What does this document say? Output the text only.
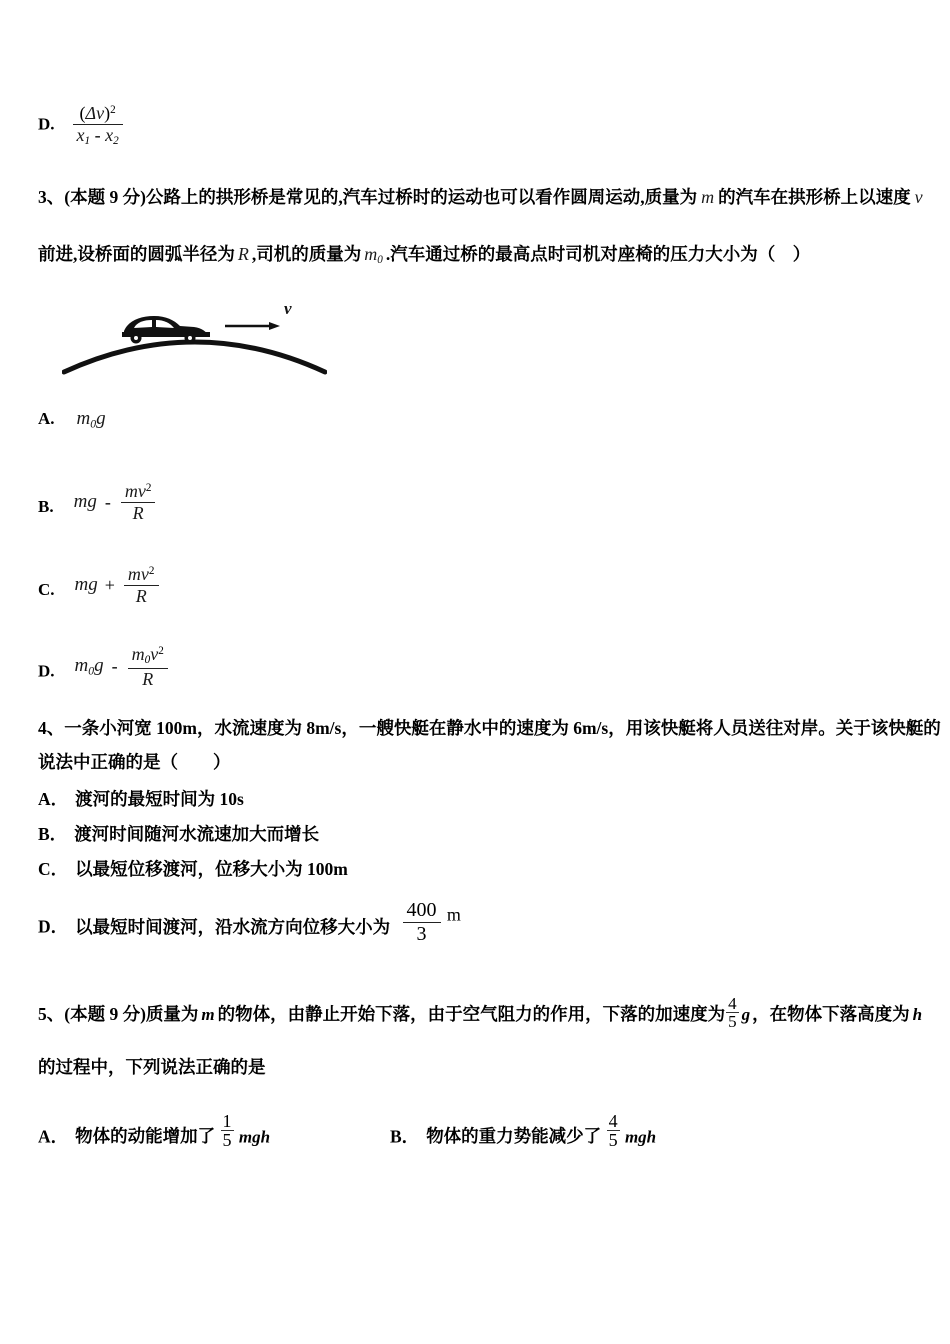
D. $\frac{(\Delta v)^2}{x_1 - x_2}$
3、(本题 9 分)公路上的拱形桥是常见的,汽车过桥时的运动也可以看作圆周运动,质量为 m 的汽车在拱形桥上以速度 v
前进,设桥面的圆弧半径为 R ,司机的质量为 $m_0$ .汽车通过桥的最高点时司机对座椅的压力大小为（　）
v
A. $m_0g$
B. mg - $\frac{mv^2}{R}$
C. mg + $\frac{mv^2}{R}$
D. $m_0g - \frac{m_0v^2}{R}$
4、一条小河宽 100m，水流速度为 8m/s，一艘快艇在静水中的速度为 6m/s，用该快艇将人员送往对岸。关于该快艇的
说法中正确的是（　　）
A． 渡河的最短时间为 10s
B． 渡河时间随河水流速加大而增长
C． 以最短位移渡河，位移大小为 100m
D． 以最短时间渡河，沿水流方向位移大小为 $\frac{400}{3}$ m
5、(本题 9 分)质量为 m 的物体，由静止开始下落，由于空气阻力的作用，下落的加速度为 $\frac{4}{5}$ g ，在物体下落高度为 h
的过程中，下列说法正确的是
A． 物体的动能增加了 $\frac{1}{5}$ mgh	B． 物体的重力势能减少了 $\frac{4}{5}$ mgh
